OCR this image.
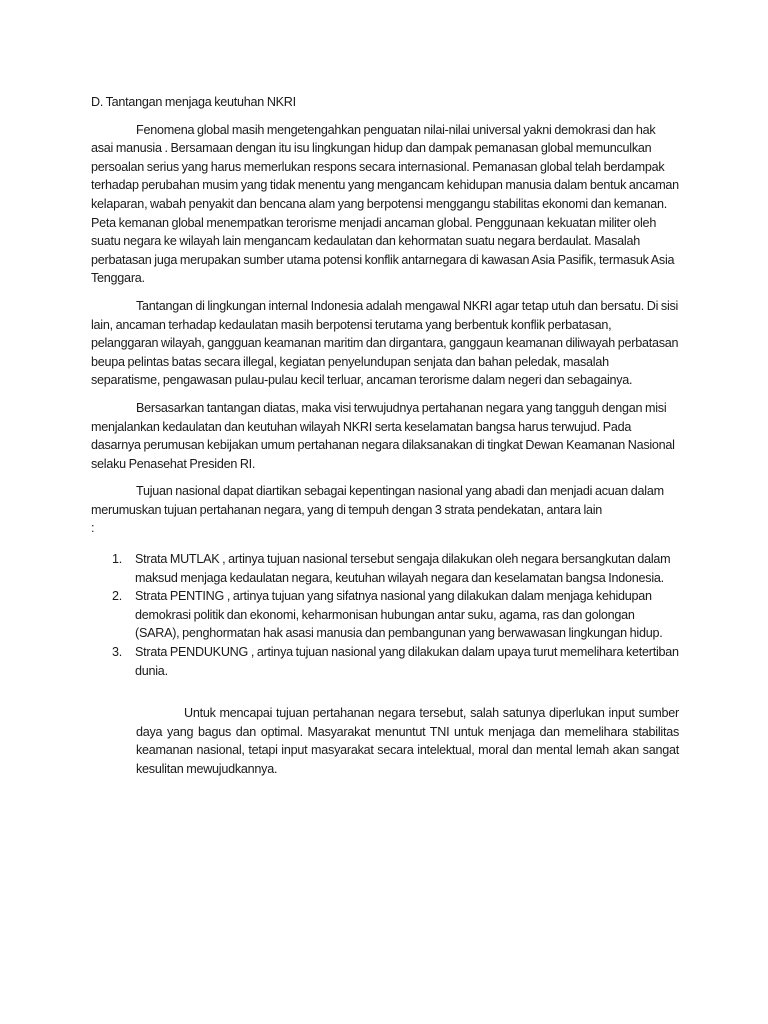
D. Tantangan menjaga keutuhan NKRI

Fenomena global masih mengetengahkan penguatan nilai-nilai universal yakni demokrasi dan hak asai manusia . Bersamaan dengan itu isu lingkungan hidup dan dampak pemanasan global memunculkan persoalan serius yang harus memerlukan respons secara internasional. Pemanasan global telah berdampak terhadap perubahan musim yang tidak menentu yang mengancam kehidupan manusia dalam bentuk ancaman kelaparan, wabah penyakit dan bencana alam yang berpotensi menggangu stabilitas ekonomi dan kemanan. Peta kemanan global menempatkan terorisme menjadi ancaman global. Penggunaan kekuatan militer oleh suatu negara ke wilayah lain mengancam kedaulatan dan kehormatan suatu negara berdaulat. Masalah perbatasan juga merupakan sumber utama potensi konflik antarnegara di kawasan Asia Pasifik, termasuk Asia Tenggara.

Tantangan di lingkungan internal Indonesia adalah mengawal NKRI agar tetap utuh dan bersatu. Di sisi lain, ancaman terhadap kedaulatan masih berpotensi terutama yang berbentuk konflik perbatasan, pelanggaran wilayah, gangguan keamanan maritim dan dirgantara, ganggaun keamanan diliwayah perbatasan beupa pelintas batas secara illegal, kegiatan penyelundupan senjata dan bahan peledak, masalah separatisme, pengawasan pulau-pulau kecil terluar, ancaman terorisme dalam negeri dan sebagainya.

Bersasarkan tantangan diatas, maka visi terwujudnya pertahanan negara yang tangguh dengan misi menjalankan kedaulatan dan keutuhan wilayah NKRI serta keselamatan bangsa harus terwujud. Pada dasarnya perumusan kebijakan umum pertahanan negara dilaksanakan di tingkat Dewan Keamanan Nasional selaku Penasehat Presiden RI.

Tujuan nasional dapat diartikan sebagai kepentingan nasional yang abadi dan menjadi acuan dalam merumuskan tujuan pertahanan negara, yang di tempuh dengan 3 strata pendekatan, antara lain

:

1. Strata MUTLAK , artinya tujuan nasional tersebut sengaja dilakukan oleh negara bersangkutan dalam maksud menjaga kedaulatan negara, keutuhan wilayah negara dan keselamatan bangsa Indonesia.
2. Strata PENTING , artinya tujuan yang sifatnya nasional yang dilakukan dalam menjaga kehidupan demokrasi politik dan ekonomi, keharmonisan hubungan antar suku, agama, ras dan golongan (SARA), penghormatan hak asasi manusia dan pembangunan yang berwawasan lingkungan hidup.
3. Strata PENDUKUNG , artinya tujuan nasional yang dilakukan dalam upaya turut memelihara ketertiban dunia.

Untuk mencapai tujuan pertahanan negara tersebut, salah satunya diperlukan input sumber daya yang bagus dan optimal. Masyarakat menuntut TNI untuk menjaga dan memelihara stabilitas keamanan nasional, tetapi input masyarakat secara intelektual, moral dan mental lemah akan sangat kesulitan mewujudkannya.
